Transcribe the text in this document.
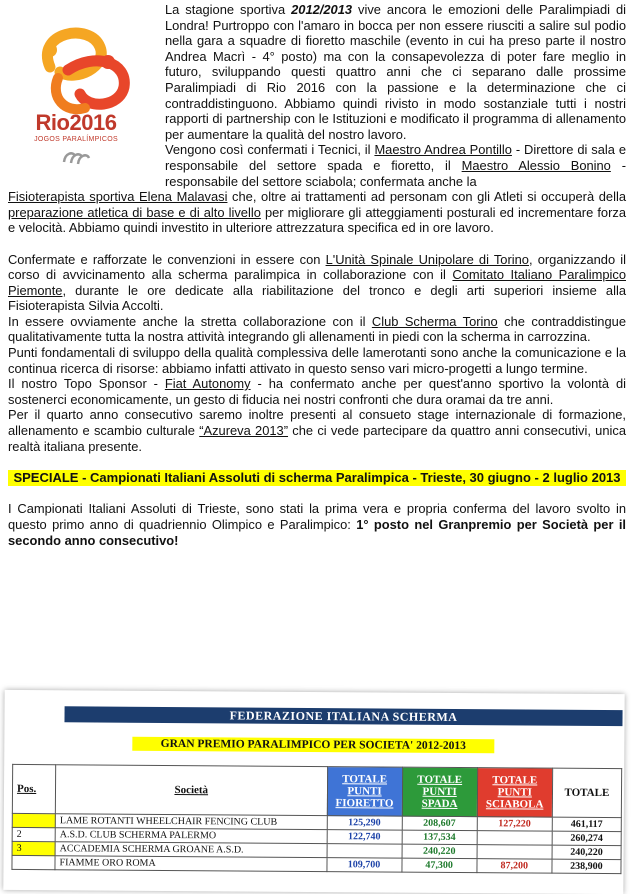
Rio2016
JOGOS PARALÍMPICOS

La stagione sportiva 2012/2013 vive ancora le emozioni delle Paralimpiadi di Londra! Purtroppo con l'amaro in bocca per non essere riusciti a salire sul podio nella gara a squadre di fioretto maschile (evento in cui ha preso parte il nostro Andrea Macrì - 4° posto) ma con la consapevolezza di poter fare meglio in futuro, sviluppando questi quattro anni che ci separano dalle prossime Paralimpiadi di Rio 2016 con la passione e la determinazione che ci contraddistinguono. Abbiamo quindi rivisto in modo sostanziale tutti i nostri rapporti di partnership con le Istituzioni e modificato il programma di allenamento per aumentare la qualità del nostro lavoro.

Vengono così confermati i Tecnici, il Maestro Andrea Pontillo - Direttore di sala e responsabile del settore spada e fioretto, il Maestro Alessio Bonino - responsabile del settore sciabola; confermata anche la

Fisioterapista sportiva Elena Malavasi che, oltre ai trattamenti ad personam con gli Atleti si occuperà della preparazione atletica di base e di alto livello per migliorare gli atteggiamenti posturali ed incrementare forza e velocità. Abbiamo quindi investito in ulteriore attrezzatura specifica ed in ore lavoro.

Confermate e rafforzate le convenzioni in essere con L'Unità Spinale Unipolare di Torino, organizzando il corso di avvicinamento alla scherma paralimpica in collaborazione con il Comitato Italiano Paralimpico Piemonte, durante le ore dedicate alla riabilitazione del tronco e degli arti superiori insieme alla Fisioterapista Silvia Accolti.

In essere ovviamente anche la stretta collaborazione con il Club Scherma Torino che contraddistingue qualitativamente tutta la nostra attività integrando gli allenamenti in piedi con la scherma in carrozzina.

Punti fondamentali di sviluppo della qualità complessiva delle lamerotanti sono anche la comunicazione e la continua ricerca di risorse: abbiamo infatti attivato in questo senso vari micro-progetti a lungo termine.

Il nostro Topo Sponsor - Fiat Autonomy - ha confermato anche per quest'anno sportivo la volontà di sostenerci economicamente, un gesto di fiducia nei nostri confronti che dura oramai da tre anni.

Per il quarto anno consecutivo saremo inoltre presenti al consueto stage internazionale di formazione, allenamento e scambio culturale “Azureva 2013” che ci vede partecipare da quattro anni consecutivi, unica realtà italiana presente.

SPECIALE - Campionati Italiani Assoluti di scherma Paralimpica - Trieste, 30 giugno - 2 luglio 2013

I Campionati Italiani Assoluti di Trieste, sono stati la prima vera e propria conferma del lavoro svolto in questo primo anno di quadriennio Olimpico e Paralimpico: 1° posto nel Granpremio per Società per il secondo anno consecutivo!

FEDERAZIONE ITALIANA SCHERMA
GRAN PREMIO PARALIMPICO PER SOCIETA' 2012-2013
Pos.	Società	TOTALE PUNTI FIORETTO	TOTALE PUNTI SPADA	TOTALE PUNTI SCIABOLA	TOTALE
	LAME ROTANTI WHEELCHAIR FENCING CLUB	125,290	208,607	127,220	461,117
2	A.S.D. CLUB SCHERMA PALERMO	122,740	137,534		260,274
3	ACCADEMIA SCHERMA GROANE A.S.D.		240,220		240,220
	FIAMME ORO ROMA	109,700	47,300	87,200	238,900
